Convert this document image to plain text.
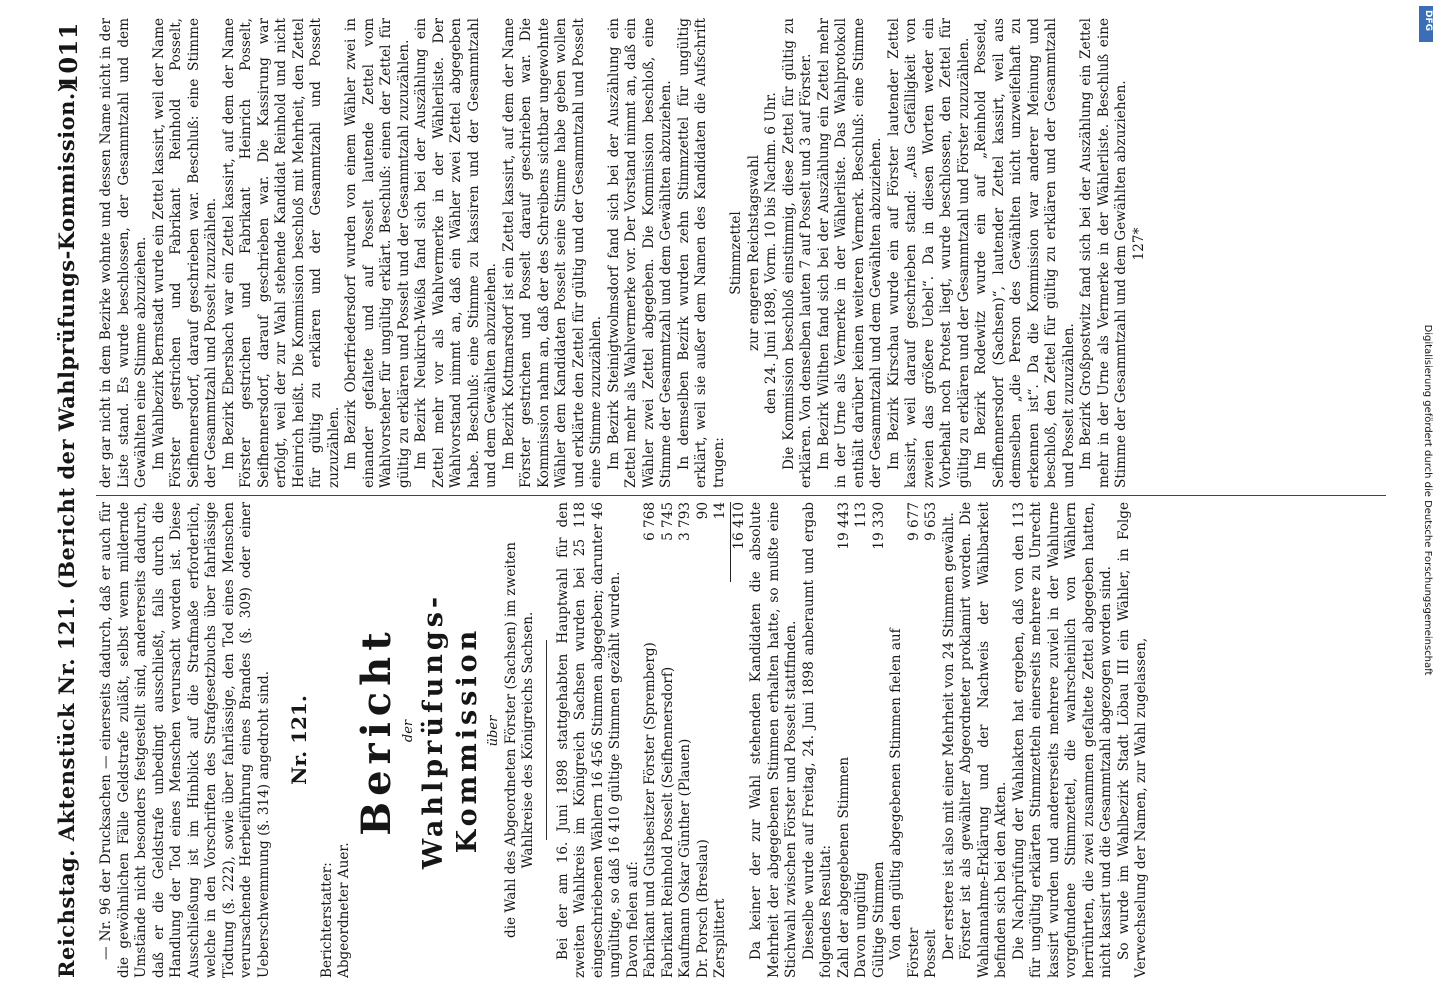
Reichstag. Aktenstück Nr. 121. (Bericht der Wahlprüfungs-Kommission.)
1011

— Nr. 96 der Drucksachen — einerseits dadurch, daß er auch für die gewöhnlichen Fälle Geldstrafe zuläßt, selbst wenn mildernde Umstände nicht besonders festgestellt sind, andererseits dadurch, daß er die Geldstrafe unbedingt ausschließt, falls durch die Handlung der Tod eines Menschen verursacht worden ist. Diese Ausschließung ist im Hinblick auf die Strafmaße erforderlich, welche in den Vorschriften des Strafgesetzbuchs über fahrlässige Tödtung (§. 222), sowie über fahrlässige, den Tod eines Menschen verursachende Herbeiführung eines Brandes (§. 309) oder einer Ueberschwemmung (§. 314) angedroht sind. Nr. 121.

Berichterstatter: Abgeordneter Auer.

Bericht der Wahlprüfungs-Kommission über die Wahl des Abgeordneten Förster (Sachsen) im zweiten Wahlkreise des Königreichs Sachsen. Bei der am 16. Juni 1898 stattgehabten Hauptwahl für den zweiten Wahlkreis im Königreich Sachsen wurden bei 25 118 eingeschriebenen Wählern 16 456 Stimmen abgegeben; darunter 46 ungültige, so daß 16 410 gültige Stimmen gezählt wurden. Davon fielen auf: Fabrikant und Gutsbesitzer Förster (Spremberg)
6 768
Fabrikant Reinhold Posselt (Seifhennersdorf)
5 745
Kaufmann Oskar Günther (Plauen)
3 793
Dr. Porsch (Breslau)
90
Zersplittert
14 16 410 Da keiner der zur Wahl stehenden Kandidaten die absolute Mehrheit der abgegebenen Stimmen erhalten hatte, so mußte eine Stichwahl zwischen Förster und Posselt stattfinden. Dieselbe wurde auf Freitag, 24. Juni 1898 anberaumt und ergab folgendes Resultat: Zahl der abgegebenen Stimmen
19 443
Davon ungültig
113
Gültige Stimmen
19 330

Von den gültig abgegebenen Stimmen fielen auf Förster
9 677
Posselt
9 653 Der erstere ist also mit einer Mehrheit von 24 Stimmen gewählt. Förster ist als gewählter Abgeordneter proklamirt worden. Die Wahlannahme-Erklärung und der Nachweis der Wählbarkeit befinden sich bei den Akten. Die Nachprüfung der Wahlakten hat ergeben, daß von den 113 für ungültig erklärten Stimmzetteln einerseits mehrere zu Unrecht kassirt wurden und andererseits mehrere zuviel in der Wahlurne vorgefundene Stimmzettel, die wahrscheinlich von Wählern herrührten, die zwei zusammen gefaltete Zettel abgegeben hatten, nicht kassirt und die Gesammtzahl abgezogen worden sind. So wurde im Wahlbezirk Stadt Löbau III ein Wähler, in Folge Verwechselung der Namen, zur Wahl zugelassen,

der gar nicht in dem Bezirke wohnte und dessen Name nicht in der Liste stand. Es wurde beschlossen, der Gesammtzahl und dem Gewählten eine Stimme abzuziehen. Im Wahlbezirk Bernstadt wurde ein Zettel kassirt, weil der Name Förster gestrichen und Fabrikant Reinhold Posselt, Seifhennersdorf, darauf geschrieben war. Beschluß: eine Stimme der Gesammtzahl und Posselt zuzuzählen. Im Bezirk Ebersbach war ein Zettel kassirt, auf dem der Name Förster gestrichen und Fabrikant Heinrich Posselt, Seifhennersdorf, darauf geschrieben war. Die Kassirung war erfolgt, weil der zur Wahl stehende Kandidat Reinhold und nicht Heinrich heißt. Die Kommission beschloß mit Mehrheit, den Zettel für gültig zu erklären und der Gesammtzahl und Posselt zuzuzählen. Im Bezirk Oberfriedersdorf wurden von einem Wähler zwei in einander gefaltete und auf Posselt lautende Zettel vom Wahlvorsteher für ungültig erklärt. Beschluß: einen der Zettel für gültig zu erklären und Posselt und der Gesammtzahl zuzuzählen. Im Bezirk Neukirch-Weißa fand sich bei der Auszählung ein Zettel mehr vor als Wahlvermerke in der Wählerliste. Der Wahlvorstand nimmt an, daß ein Wähler zwei Zettel abgegeben habe. Beschluß: eine Stimme zu kassiren und der Gesammtzahl und dem Gewählten abzuziehen. Im Bezirk Kottmarsdorf ist ein Zettel kassirt, auf dem der Name Förster gestrichen und Posselt darauf geschrieben war. Die Kommission nahm an, daß der des Schreibens sichtbar ungewohnte Wähler dem Kandidaten Posselt seine Stimme habe geben wollen und erklärte den Zettel für gültig und der Gesammtzahl und Posselt eine Stimme zuzuzählen. Im Bezirk Steinigtwolmsdorf fand sich bei der Auszählung ein Zettel mehr als Wahlvermerke vor. Der Vorstand nimmt an, daß ein Wähler zwei Zettel abgegeben. Die Kommission beschloß, eine Stimme der Gesammtzahl und dem Gewählten abzuziehen. In demselben Bezirk wurden zehn Stimmzettel für ungültig erklärt, weil sie außer dem Namen des Kandidaten die Aufschrift trugen:

Stimmzettel zur engeren Reichstagswahl den 24. Juni 1898, Vorm. 10 bis Nachm. 6 Uhr. Die Kommission beschloß einstimmig, diese Zettel für gültig zu erklären. Von denselben lauten 7 auf Posselt und 3 auf Förster. Im Bezirk Wilthen fand sich bei der Auszählung ein Zettel mehr in der Urne als Vermerke in der Wählerliste. Das Wahlprotokoll enthält darüber keinen weiteren Vermerk. Beschluß: eine Stimme der Gesammtzahl und dem Gewählten abzuziehen. Im Bezirk Kirschau wurde ein auf Förster lautender Zettel kassirt, weil darauf geschrieben stand: „Aus Gefälligkeit von zweien das größere Uebel“. Da in diesen Worten weder ein Vorbehalt noch Protest liegt, wurde beschlossen, den Zettel für gültig zu erklären und der Gesammtzahl und Förster zuzuzählen. Im Bezirk Rodewitz wurde ein auf „Reinhold Posseld, Seifhennersdorf (Sachsen)“, lautender Zettel kassirt, weil aus demselben „die Person des Gewählten nicht unzweifelhaft zu erkennen ist“. Da die Kommission war anderer Meinung und beschloß, den Zettel für gültig zu erklären und der Gesammtzahl und Posselt zuzuzählen. Im Bezirk Großpostwitz fand sich bei der Auszählung ein Zettel mehr in der Urne als Vermerke in der Wählerliste. Beschluß eine Stimme der Gesammtzahl und dem Gewählten abzuziehen. 127*

Digitalisierung gefördert durch die Deutsche Forschungsgemeinschaft
DFG
